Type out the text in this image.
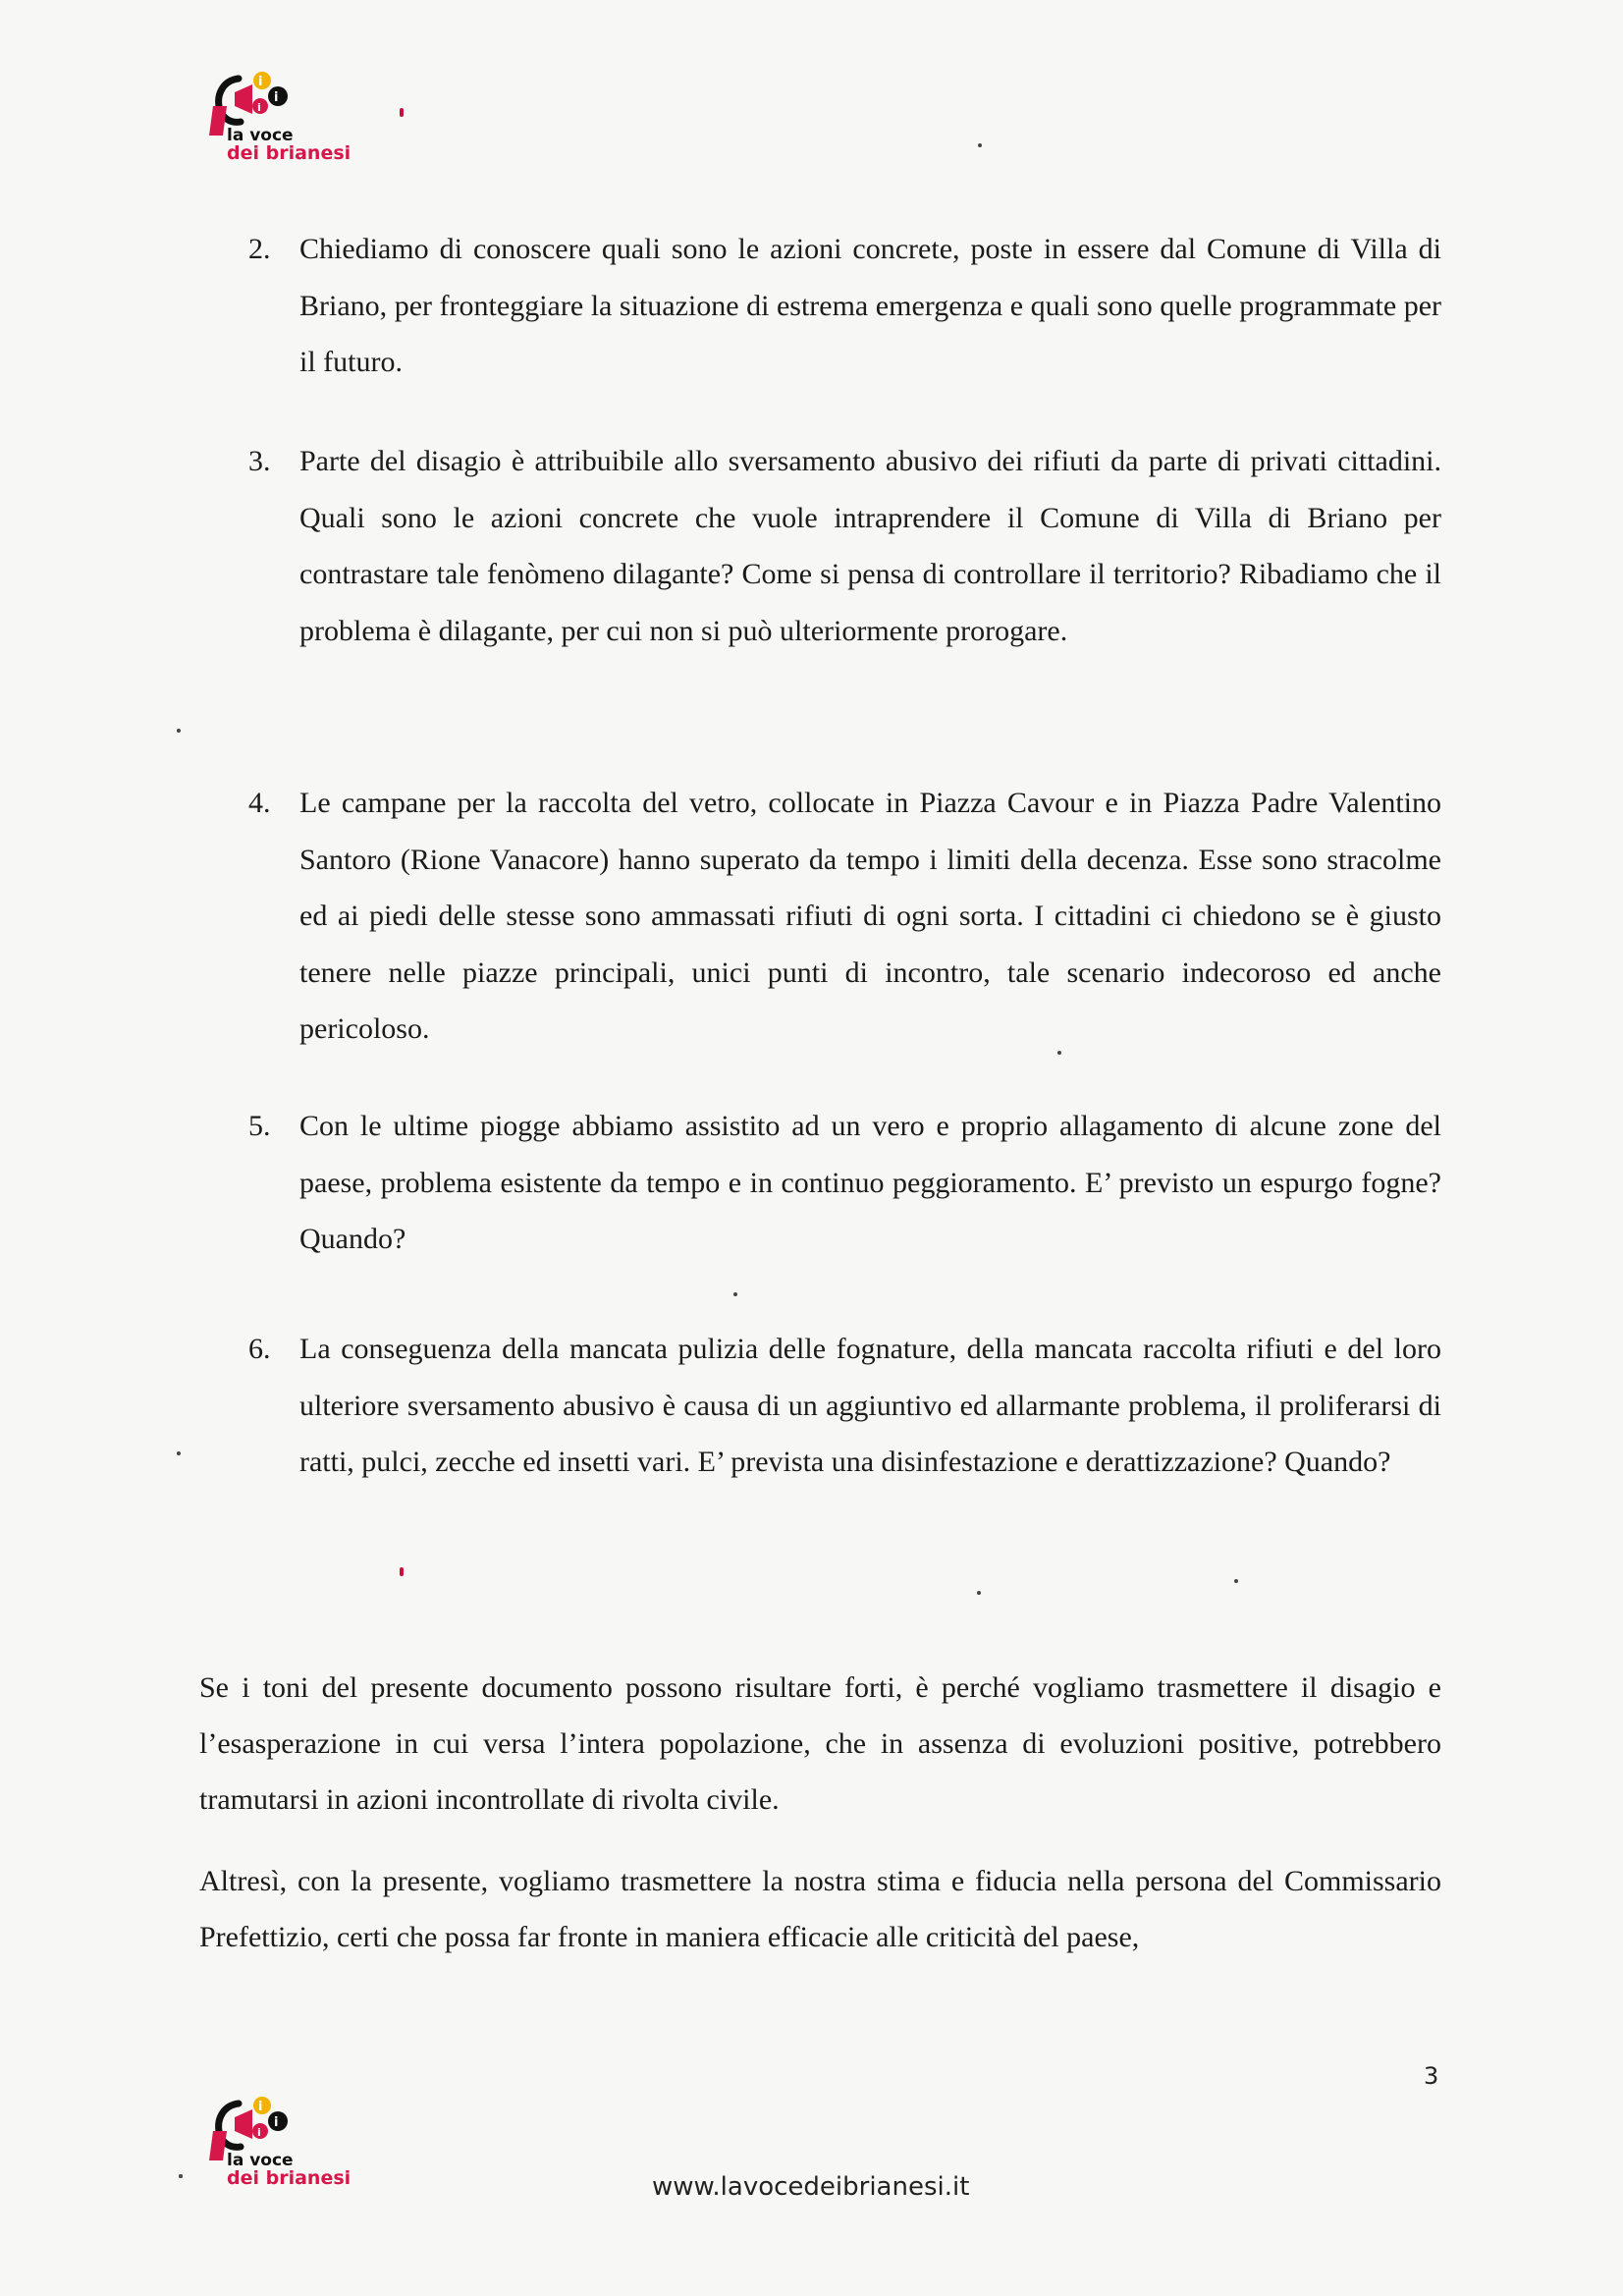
i
i
i
la voce
dei brianesi
2. Chiediamo di conoscere quali sono le azioni concrete, poste in essere dal Comune di Villa di Briano, per fronteggiare la situazione di estrema emergenza e quali sono quelle programmate per il futuro.
3. Parte del disagio è attribuibile allo sversamento abusivo dei rifiuti da parte di privati cittadini. Quali sono le azioni concrete che vuole intraprendere il Comune di Villa di Briano per contrastare tale fenòmeno dilagante? Come si pensa di controllare il territorio? Ribadiamo che il problema è dilagante, per cui non si può ulteriormente prorogare.
4. Le campane per la raccolta del vetro, collocate in Piazza Cavour e in Piazza Padre Valentino Santoro (Rione Vanacore) hanno superato da tempo i limiti della decenza. Esse sono stracolme ed ai piedi delle stesse sono ammassati rifiuti di ogni sorta. I cittadini ci chiedono se è giusto tenere nelle piazze principali, unici punti di incontro, tale scenario indecoroso ed anche pericoloso.
5. Con le ultime piogge abbiamo assistito ad un vero e proprio allagamento di alcune zone del paese, problema esistente da tempo e in continuo peggioramento. E’ previsto un espurgo fogne? Quando?
6. La conseguenza della mancata pulizia delle fognature, della mancata raccolta rifiuti e del loro ulteriore sversamento abusivo è causa di un aggiuntivo ed allarmante problema, il proliferarsi di ratti, pulci, zecche ed insetti vari. E’ prevista una disinfestazione e derattizzazione? Quando?
Se i toni del presente documento possono risultare forti, è perché vogliamo trasmettere il disagio e l’esasperazione in cui versa l’intera popolazione, che in assenza di evoluzioni positive, potrebbero tramutarsi in azioni incontrollate di rivolta civile.
Altresì, con la presente, vogliamo trasmettere la nostra stima e fiducia nella persona del Commissario Prefettizio, certi che possa far fronte in maniera efficacie alle criticità del paese,
3
i
i
i
la voce
dei brianesi	www.lavocedeibrianesi.it
